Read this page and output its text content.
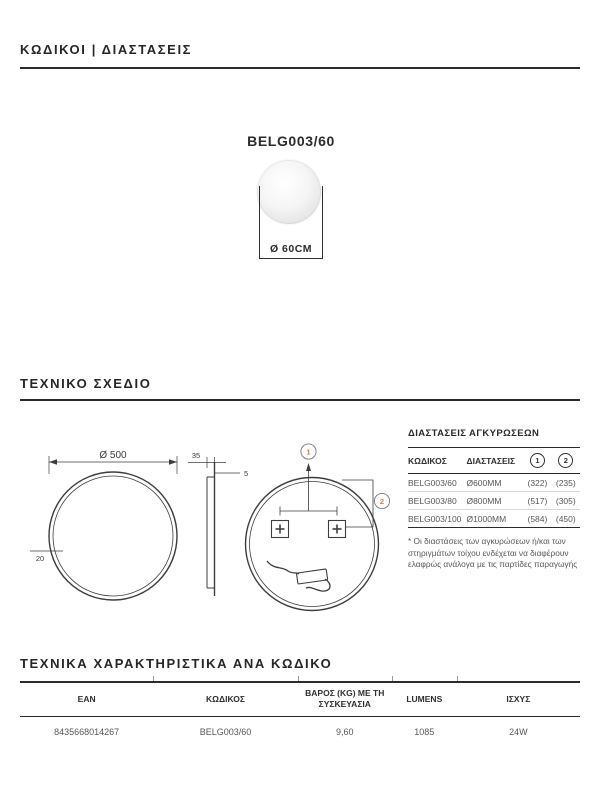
ΚΩΔΙΚΟΙ | ΔΙΑΣΤΑΣΕΙΣ
BELG003/60
Ø 60CM
ΤΕΧΝΙΚΟ ΣΧΕΔΙΟ
Ø 500
20
35
5
1
2
ΔΙΑΣΤΑΣΕΙΣ ΑΓΚΥΡΩΣΕΩΝ
ΚΩΔΙΚΟΣ	ΔΙΑΣΤΑΣΕΙΣ	1	2
BELG003/60	Ø600MM	(322)	(235)
BELG003/80	Ø800MM	(517)	(305)
BELG003/100	Ø1000MM	(584)	(450)
* Οι διαστάσεις των αγκυρώσεων ή/και των στηριγμάτων τοίχου ενδέχεται να διαφέρουν ελαφρώς ανάλογα με τις παρτίδες παραγωγής
ΤΕΧΝΙΚΑ ΧΑΡΑΚΤΗΡΙΣΤΙΚΑ ΑΝΑ ΚΩΔΙΚΟ
EAN	ΚΩΔΙΚΟΣ	ΒΑΡΟΣ (KG) ΜΕ ΤΗ ΣΥΣΚΕΥΑΣΙΑ	LUMENS	ΙΣΧΥΣ
8435668014267	BELG003/60	9,60	1085	24W
